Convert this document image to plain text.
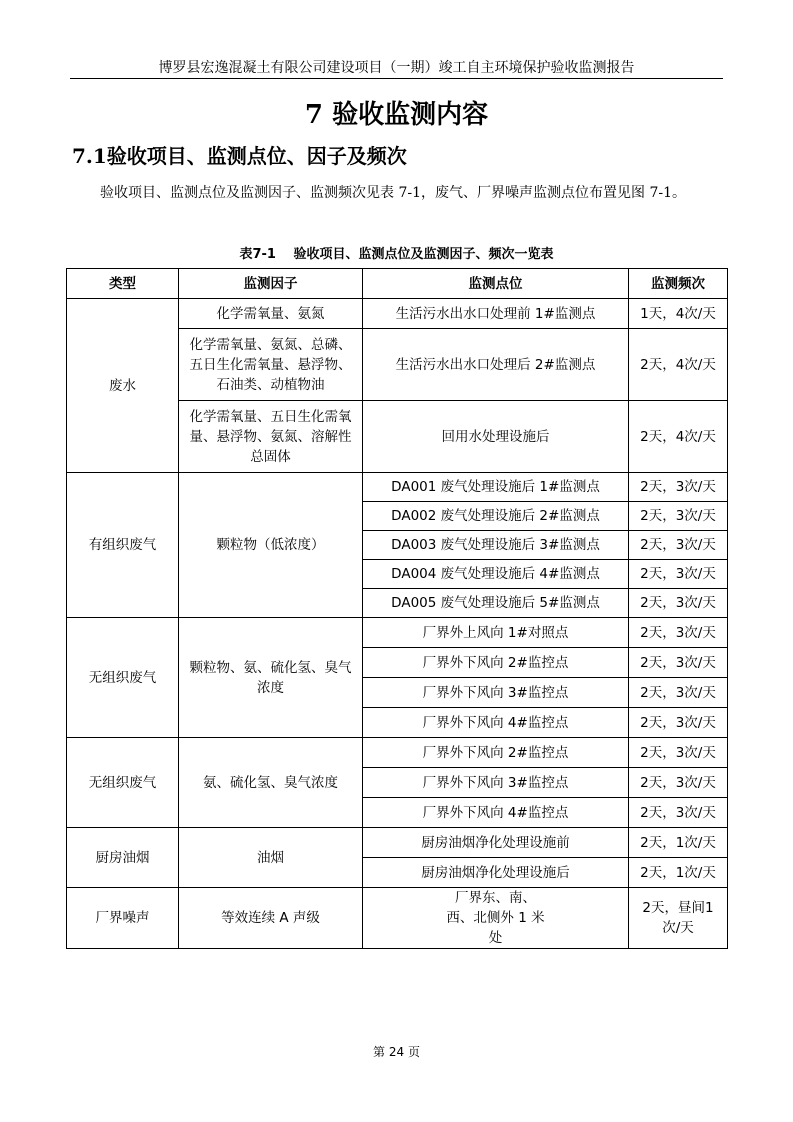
博罗县宏逸混凝土有限公司建设项目（一期）竣工自主环境保护验收监测报告
7 验收监测内容
7.1验收项目、监测点位、因子及频次
验收项目、监测点位及监测因子、监测频次见表 7-1，废气、厂界噪声监测点位布置见图 7-1。
表7-1　 验收项目、监测点位及监测因子、频次一览表
类型	监测因子	监测点位	监测频次
废水	化学需氧量、氨氮	生活污水出水口处理前 1#监测点	1天，4次/天
	化学需氧量、氨氮、总磷、五日生化需氧量、悬浮物、石油类、动植物油	生活污水出水口处理后 2#监测点	2天，4次/天
	化学需氧量、五日生化需氧量、悬浮物、氨氮、溶解性总固体	回用水处理设施后	2天，4次/天
有组织废气	颗粒物（低浓度）	DA001 废气处理设施后 1#监测点	2天，3次/天
		DA002 废气处理设施后 2#监测点	2天，3次/天
		DA003 废气处理设施后 3#监测点	2天，3次/天
		DA004 废气处理设施后 4#监测点	2天，3次/天
		DA005 废气处理设施后 5#监测点	2天，3次/天
无组织废气	颗粒物、氨、硫化氢、臭气浓度	厂界外上风向 1#对照点	2天，3次/天
		厂界外下风向 2#监控点	2天，3次/天
		厂界外下风向 3#监控点	2天，3次/天
		厂界外下风向 4#监控点	2天，3次/天
无组织废气	氨、硫化氢、臭气浓度	厂界外下风向 2#监控点	2天，3次/天
		厂界外下风向 3#监控点	2天，3次/天
		厂界外下风向 4#监控点	2天，3次/天
厨房油烟	油烟	厨房油烟净化处理设施前	2天，1次/天
		厨房油烟净化处理设施后	2天，1次/天
厂界噪声	等效连续 A 声级	厂界东、南、西、北侧外 1 米处	2天，昼间1次/天
第 24 页
